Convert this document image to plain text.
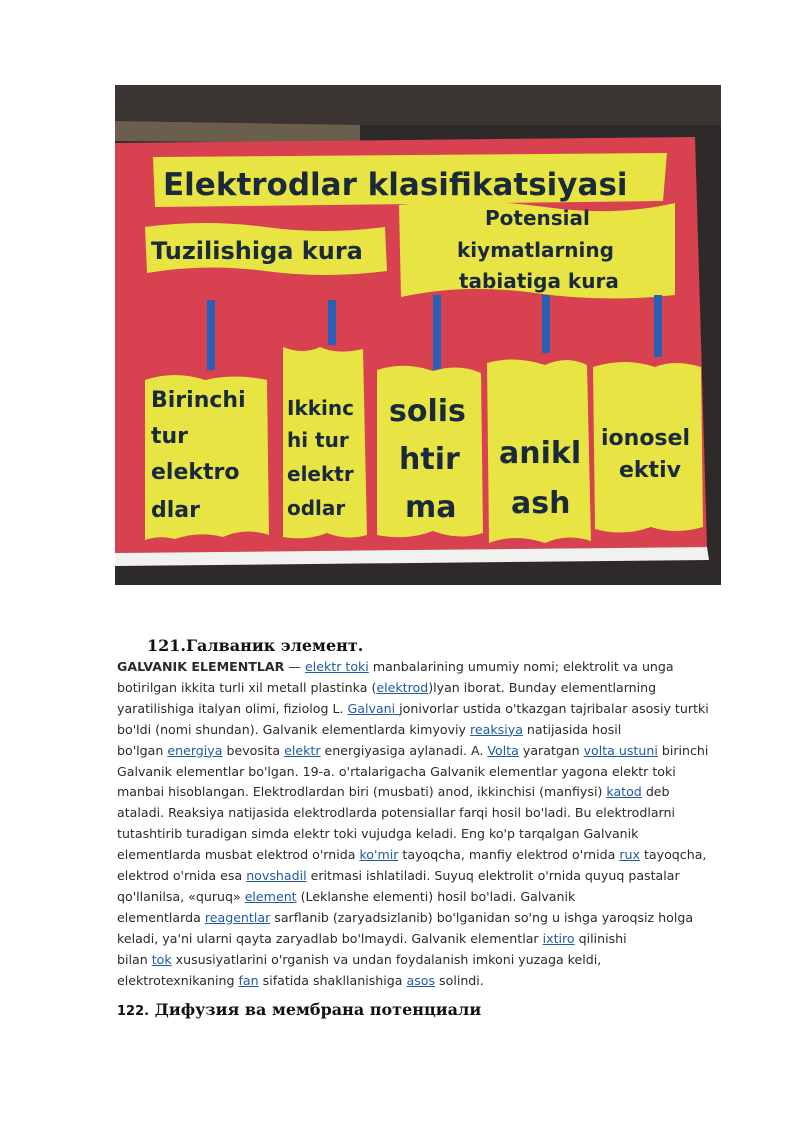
Elektrodlar klasifikatsiyasi
Tuzilishiga kura
Potensial
kiymatlarning
tabiatiga kura
Birinchi
tur
elektro
dlar
Ikkinc
hi tur
elektr
odlar
solis
htir
ma
anikl
ash
ionosel
ektiv
121.Галваник элемент.
GALVANIK ELEMENTLAR — elektr toki manbalarining umumiy nomi; elektrolit va unga
botirilgan ikkita turli xil metall plastinka (elektrod)lyan iborat. Bunday elementlarning
yaratilishiga italyan olimi, fiziolog L. Galvani jonivorlar ustida o'tkazgan tajribalar asosiy turtki
bo'ldi (nomi shundan). Galvanik elementlarda kimyoviy reaksiya natijasida hosil
bo'lgan energiya bevosita elektr energiyasiga aylanadi. A. Volta yaratgan volta ustuni birinchi
Galvanik elementlar bo'lgan. 19-a. o'rtalarigacha Galvanik elementlar yagona elektr toki
manbai hisoblangan. Elektrodlardan biri (musbati) anod, ikkinchisi (manfiysi) katod deb
ataladi. Reaksiya natijasida elektrodlarda potensiallar farqi hosil bo'ladi. Bu elektrodlarni
tutashtirib turadigan simda elektr toki vujudga keladi. Eng ko'p tarqalgan Galvanik
elementlarda musbat elektrod o'rnida ko'mir tayoqcha, manfiy elektrod o'rnida rux tayoqcha,
elektrod o'rnida esa novshadil eritmasi ishlatiladi. Suyuq elektrolit o'rnida quyuq pastalar
qo'llanilsa, «quruq» element (Leklanshe elementi) hosil bo'ladi. Galvanik
elementlarda reagentlar sarflanib (zaryadsizlanib) bo'lganidan so'ng u ishga yaroqsiz holga
keladi, ya'ni ularni qayta zaryadlab bo'lmaydi. Galvanik elementlar ixtiro qilinishi
bilan tok xususiyatlarini o'rganish va undan foydalanish imkoni yuzaga keldi,
elektrotexnikaning fan sifatida shakllanishiga asos solindi.
122. Дифузия ва мембрана потенциали
